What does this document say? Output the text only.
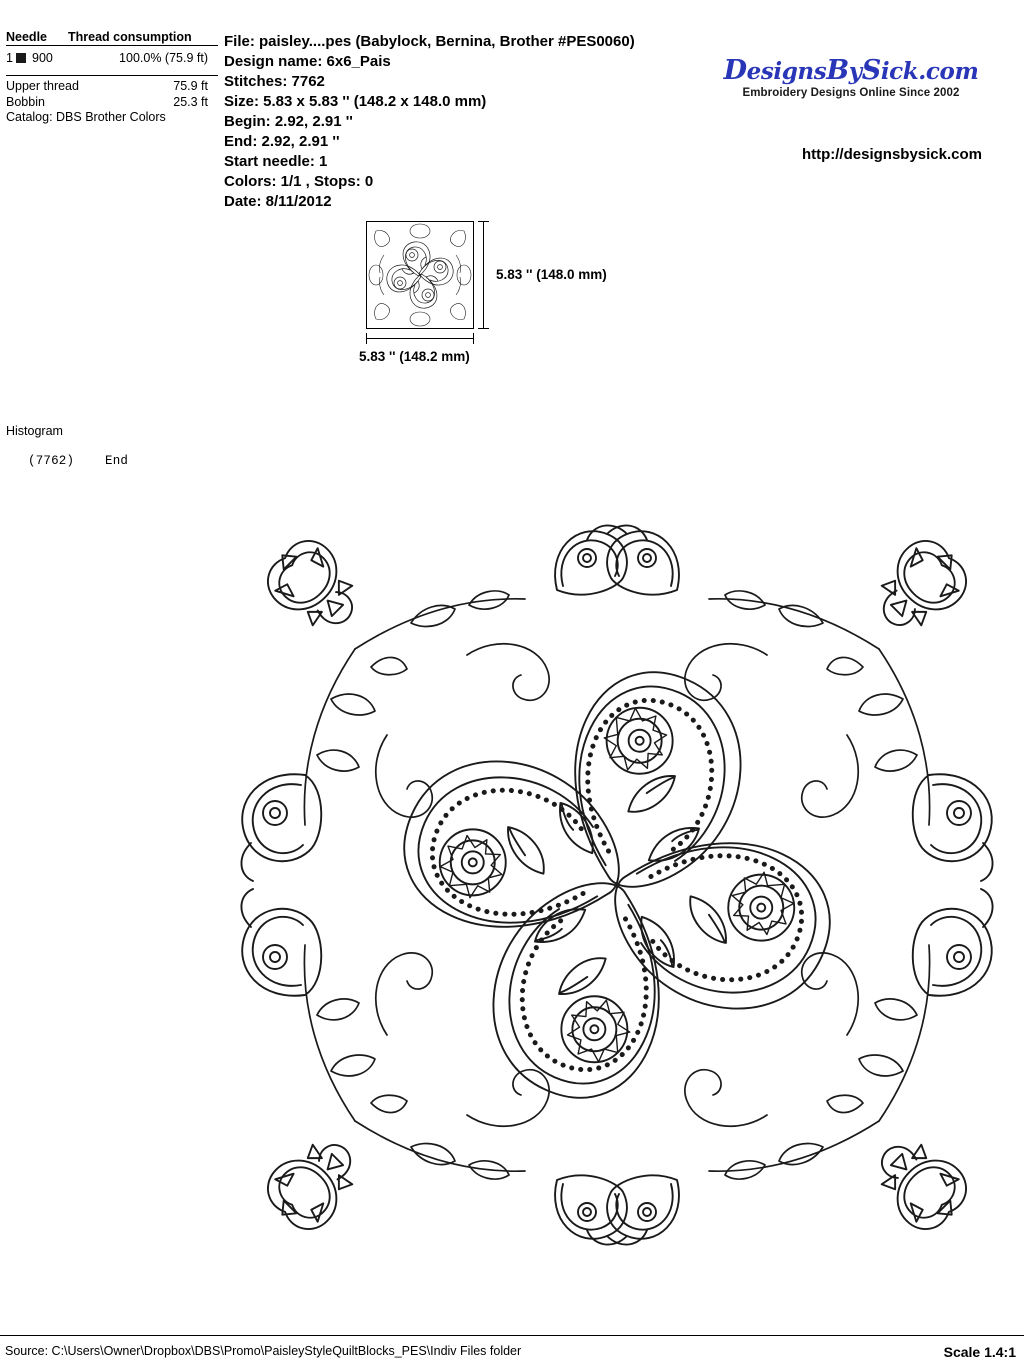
Needle	Thread consumption
1 900	100.0% (75.9 ft)
Upper thread	75.9 ft
Bobbin	25.3 ft
Catalog: DBS Brother Colors
File: paisley....pes (Babylock, Bernina, Brother #PES0060)
Design name: 6x6_Pais
Stitches: 7762
Size: 5.83 x 5.83 '' (148.2 x 148.0 mm)
Begin: 2.92, 2.91 ''
End: 2.92, 2.91 ''
Start needle: 1
Colors: 1/1 , Stops: 0
Date: 8/11/2012
DesignsBySick.com
Embroidery Designs Online Since 2002
http://designsbysick.com
5.83 '' (148.0 mm)
5.83 '' (148.2 mm)
Histogram
(7762) End
Source: C:\Users\Owner\Dropbox\DBS\Promo\PaisleyStyleQuiltBlocks_PES\Indiv Files folder	Scale 1.4:1
